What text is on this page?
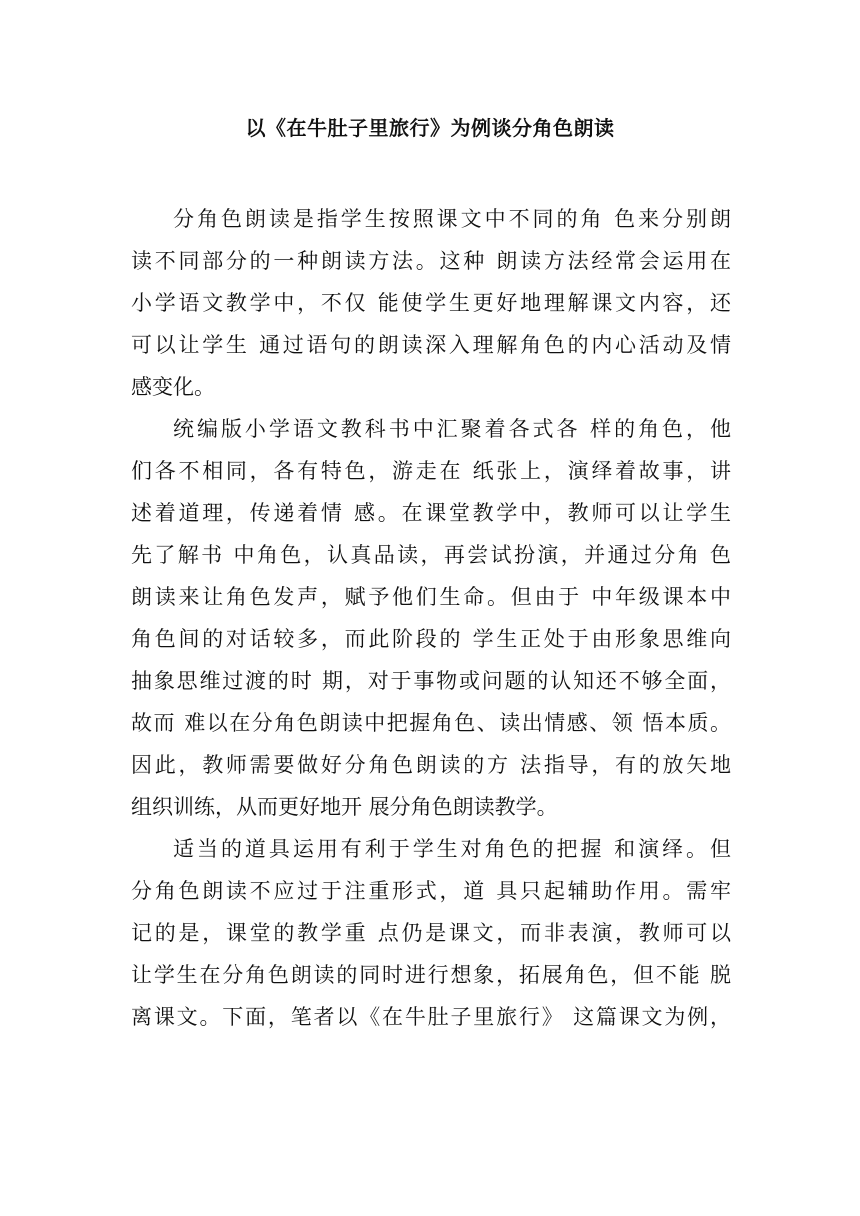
以《在牛肚子里旅行》为例谈分角色朗读
分角色朗读是指学生按照课文中不同的角 色来分别朗
读不同部分的一种朗读方法。这种 朗读方法经常会运用在
小学语文教学中，不仅 能使学生更好地理解课文内容，还
可以让学生 通过语句的朗读深入理解角色的内心活动及情
感变化。
统编版小学语文教科书中汇聚着各式各 样的角色，他
们各不相同，各有特色，游走在 纸张上，演绎着故事，讲
述着道理，传递着情 感。在课堂教学中，教师可以让学生
先了解书 中角色，认真品读，再尝试扮演，并通过分角 色
朗读来让角色发声，赋予他们生命。但由于 中年级课本中
角色间的对话较多，而此阶段的 学生正处于由形象思维向
抽象思维过渡的时 期，对于事物或问题的认知还不够全面，
故而 难以在分角色朗读中把握角色、读出情感、领 悟本质。
因此，教师需要做好分角色朗读的方 法指导，有的放矢地
组织训练，从而更好地开 展分角色朗读教学。
适当的道具运用有利于学生对角色的把握 和演绎。但
分角色朗读不应过于注重形式，道 具只起辅助作用。需牢
记的是，课堂的教学重 点仍是课文，而非表演，教师可以
让学生在分角色朗读的同时进行想象，拓展角色，但不能 脱
离课文。下面，笔者以《在牛肚子里旅行》 这篇课文为例，
